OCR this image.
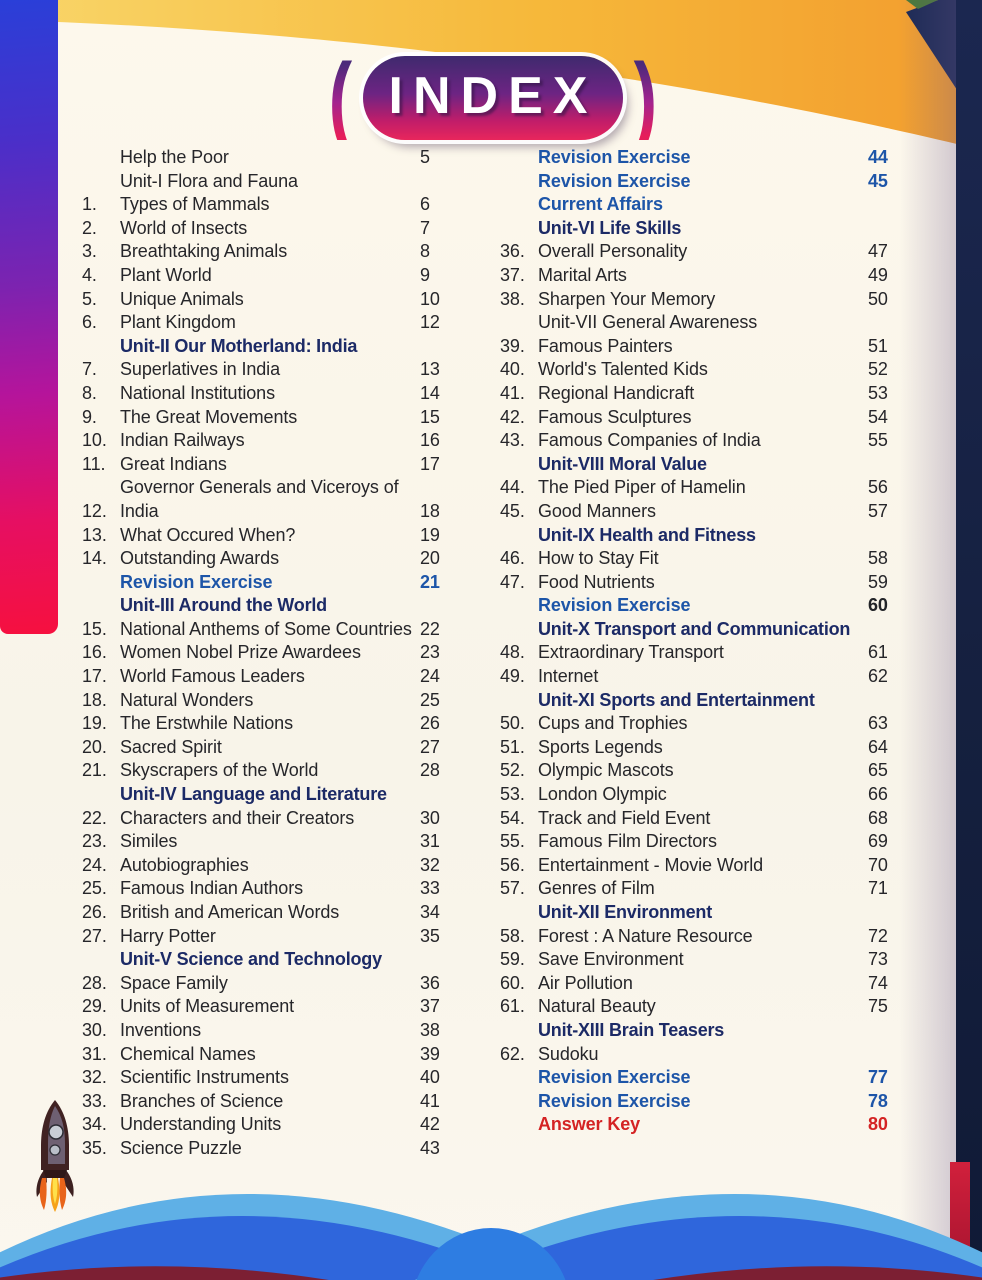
( INDEX )
Help the Poor	5
Unit-I Flora and Fauna
1.	Types of Mammals	6
2.	World of Insects	7
3.	Breathtaking Animals	8
4.	Plant World	9
5.	Unique Animals	10
6.	Plant Kingdom	12
Unit-II Our Motherland: India
7.	Superlatives in India	13
8.	National Institutions	14
9.	The Great Movements	15
10. Indian Railways	16
11. Great Indians	17
12.
Governor Generals and Viceroys of India	18
13. What Occured When?	19
14. Outstanding Awards	20
Revision Exercise	21
Unit-III Around the World
15. National Anthems of Some Countries 22
16. Women Nobel Prize Awardees	23
17. World Famous Leaders	24
18. Natural Wonders	25
19. The Erstwhile Nations	26
20. Sacred Spirit	27
21. Skyscrapers of the World	28
Unit-IV Language and Literature
22. Characters and their Creators	30
23. Similes	31
24. Autobiographies	32
25. Famous Indian Authors	33
26. British and American Words	34
27. Harry Potter	35
Unit-V Science and Technology
28. Space Family	36
29. Units of Measurement	37
30. Inventions	38
31. Chemical Names	39
32. Scientific Instruments	40
33. Branches of Science	41
34. Understanding Units	42
35. Science Puzzle	43
Revision Exercise	44
Revision Exercise	45
Current Affairs
Unit-VI Life Skills
36. Overall Personality	47
37. Marital Arts	49
38. Sharpen Your Memory	50
Unit-VII General Awareness
39. Famous Painters	51
40. World's Talented Kids	52
41. Regional Handicraft	53
42. Famous Sculptures	54
43. Famous Companies of India	55
Unit-VIII Moral Value
44. The Pied Piper of Hamelin	56
45. Good Manners	57
Unit-IX Health and Fitness
46. How to Stay Fit	58
47. Food Nutrients	59
Revision Exercise	60
Unit-X Transport and Communication
48. Extraordinary Transport	61
49. Internet	62
Unit-XI Sports and Entertainment
50. Cups and Trophies	63
51. Sports Legends	64
52. Olympic Mascots	65
53. London Olympic	66
54. Track and Field Event	68
55. Famous Film Directors	69
56. Entertainment - Movie World	70
57. Genres of Film	71
Unit-XII Environment
58. Forest : A Nature Resource	72
59. Save Environment	73
60. Air Pollution	74
61. Natural Beauty	75
Unit-XIII Brain Teasers
62. Sudoku
Revision Exercise	77
Revision Exercise	78
Answer Key	80
